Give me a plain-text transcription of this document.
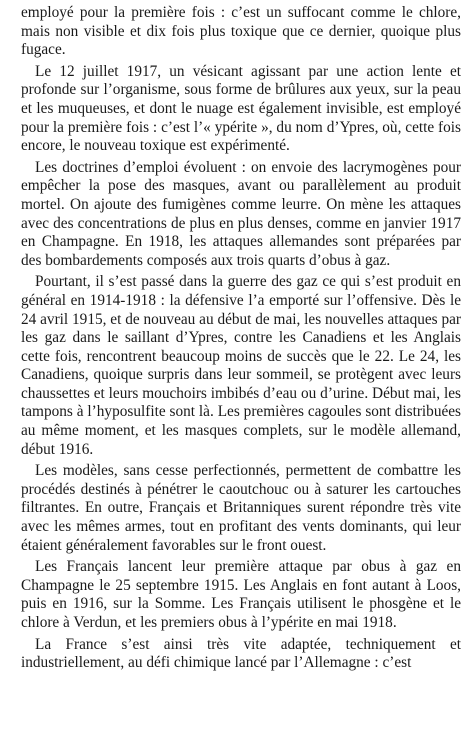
employé pour la première fois : c’est un suffocant comme le chlore, mais non visible et dix fois plus toxique que ce dernier, quoique plus fugace.

Le 12 juillet 1917, un vésicant agissant par une action lente et profonde sur l’organisme, sous forme de brûlures aux yeux, sur la peau et les muqueuses, et dont le nuage est également invisible, est employé pour la première fois : c’est l’« ypérite », du nom d’Ypres, où, cette fois encore, le nouveau toxique est expérimenté.

Les doctrines d’emploi évoluent : on envoie des lacrymogènes pour empêcher la pose des masques, avant ou parallèlement au produit mortel. On ajoute des fumigènes comme leurre. On mène les attaques avec des concentrations de plus en plus denses, comme en janvier 1917 en Champagne. En 1918, les attaques allemandes sont préparées par des bombardements composés aux trois quarts d’obus à gaz.

Pourtant, il s’est passé dans la guerre des gaz ce qui s’est produit en général en 1914-1918 : la défensive l’a emporté sur l’offensive. Dès le 24 avril 1915, et de nouveau au début de mai, les nouvelles attaques par les gaz dans le saillant d’Ypres, contre les Canadiens et les Anglais cette fois, rencontrent beaucoup moins de succès que le 22. Le 24, les Canadiens, quoique surpris dans leur sommeil, se protègent avec leurs chaussettes et leurs mouchoirs imbibés d’eau ou d’urine. Début mai, les tampons à l’hyposulfite sont là. Les premières cagoules sont distribuées au même moment, et les masques complets, sur le modèle allemand, début 1916.

Les modèles, sans cesse perfectionnés, permettent de combattre les procédés destinés à pénétrer le caoutchouc ou à saturer les cartouches filtrantes. En outre, Français et Britanniques surent répondre très vite avec les mêmes armes, tout en profitant des vents dominants, qui leur étaient généralement favorables sur le front ouest.

Les Français lancent leur première attaque par obus à gaz en Champagne le 25 septembre 1915. Les Anglais en font autant à Loos, puis en 1916, sur la Somme. Les Français utilisent le phosgène et le chlore à Verdun, et les premiers obus à l’ypérite en mai 1918.

La France s’est ainsi très vite adaptée, techniquement et industriellement, au défi chimique lancé par l’Allemagne : c’est
